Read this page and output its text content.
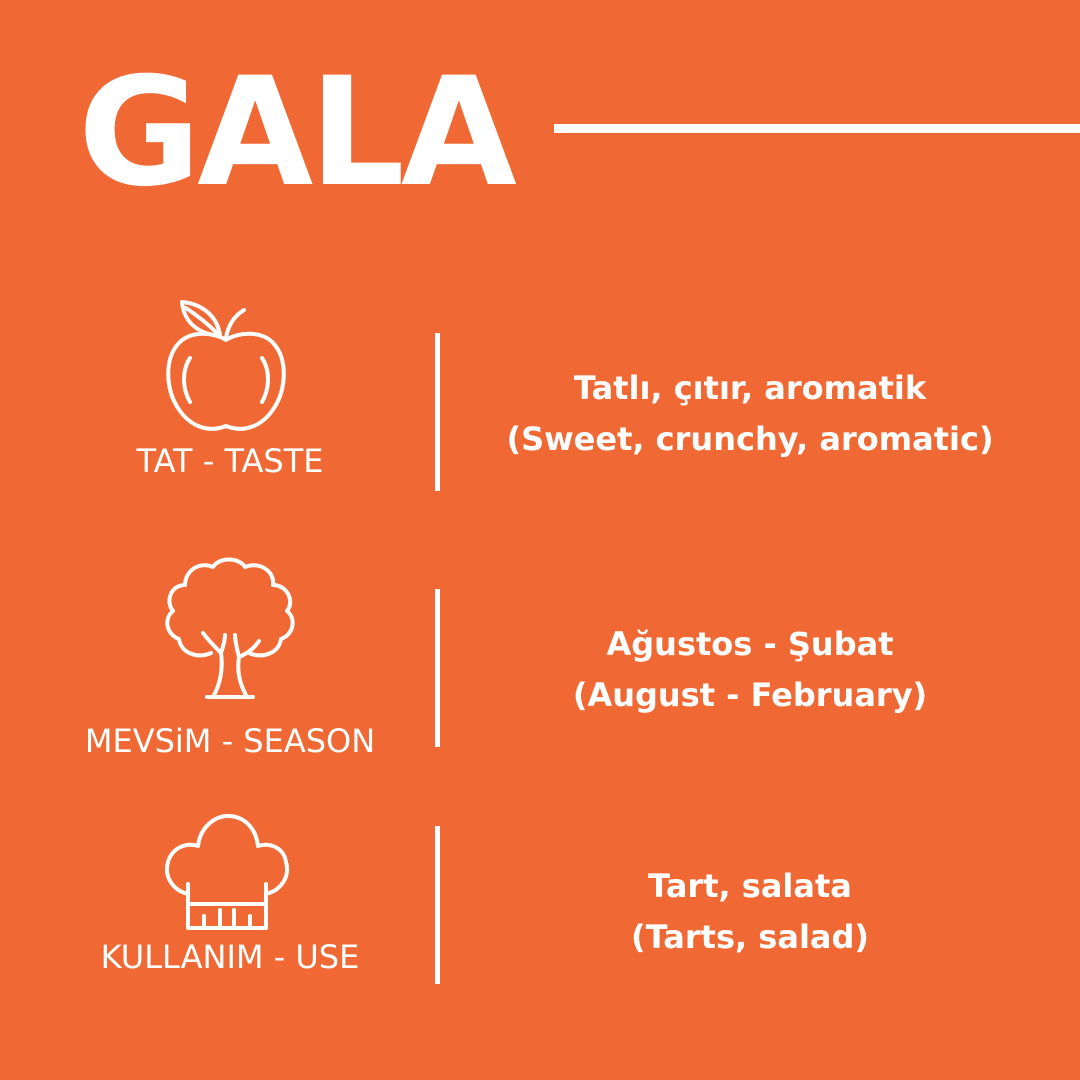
GALA
TAT - TASTE
Tatlı, çıtır, aromatik
(Sweet, crunchy, aromatic)
MEVSiM - SEASON
Ağustos - Şubat
(August - February)
KULLANIM - USE
Tart, salata
(Tarts, salad)
